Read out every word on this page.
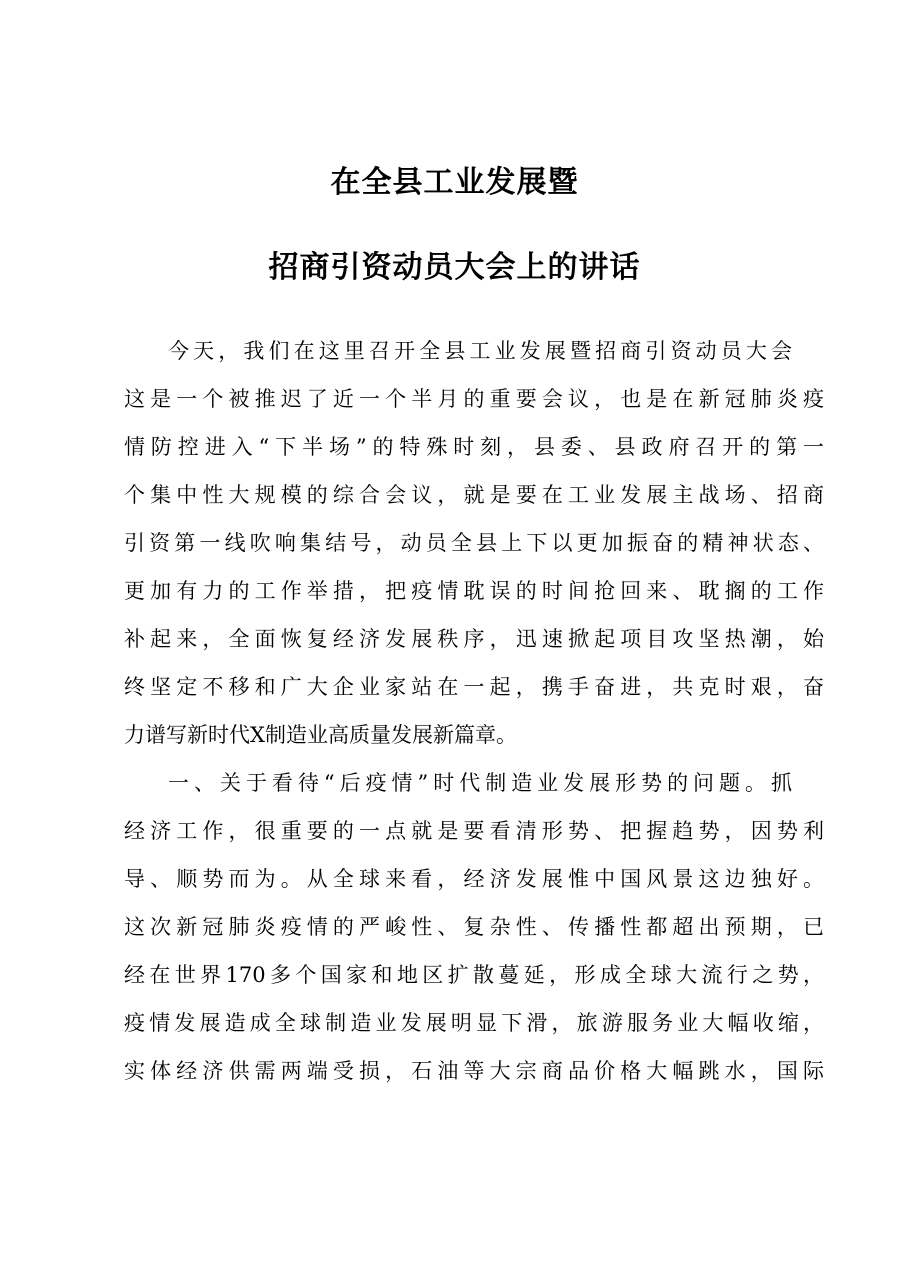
在全县工业发展暨
招商引资动员大会上的讲话
今天，我们在这里召开全县工业发展暨招商引资动员大会
这是一个被推迟了近一个半月的重要会议，也是在新冠肺炎疫
情防控进入“下半场”的特殊时刻，县委、县政府召开的第一
个集中性大规模的综合会议，就是要在工业发展主战场、招商
引资第一线吹响集结号，动员全县上下以更加振奋的精神状态、
更加有力的工作举措，把疫情耽误的时间抢回来、耽搁的工作
补起来，全面恢复经济发展秩序，迅速掀起项目攻坚热潮，始
终坚定不移和广大企业家站在一起，携手奋进，共克时艰，奋
力谱写新时代X制造业高质量发展新篇章。
一、关于看待“后疫情”时代制造业发展形势的问题。抓
经济工作，很重要的一点就是要看清形势、把握趋势，因势利
导、顺势而为。从全球来看，经济发展惟中国风景这边独好。
这次新冠肺炎疫情的严峻性、复杂性、传播性都超出预期，已
经在世界170多个国家和地区扩散蔓延，形成全球大流行之势，
疫情发展造成全球制造业发展明显下滑，旅游服务业大幅收缩，
实体经济供需两端受损，石油等大宗商品价格大幅跳水，国际
